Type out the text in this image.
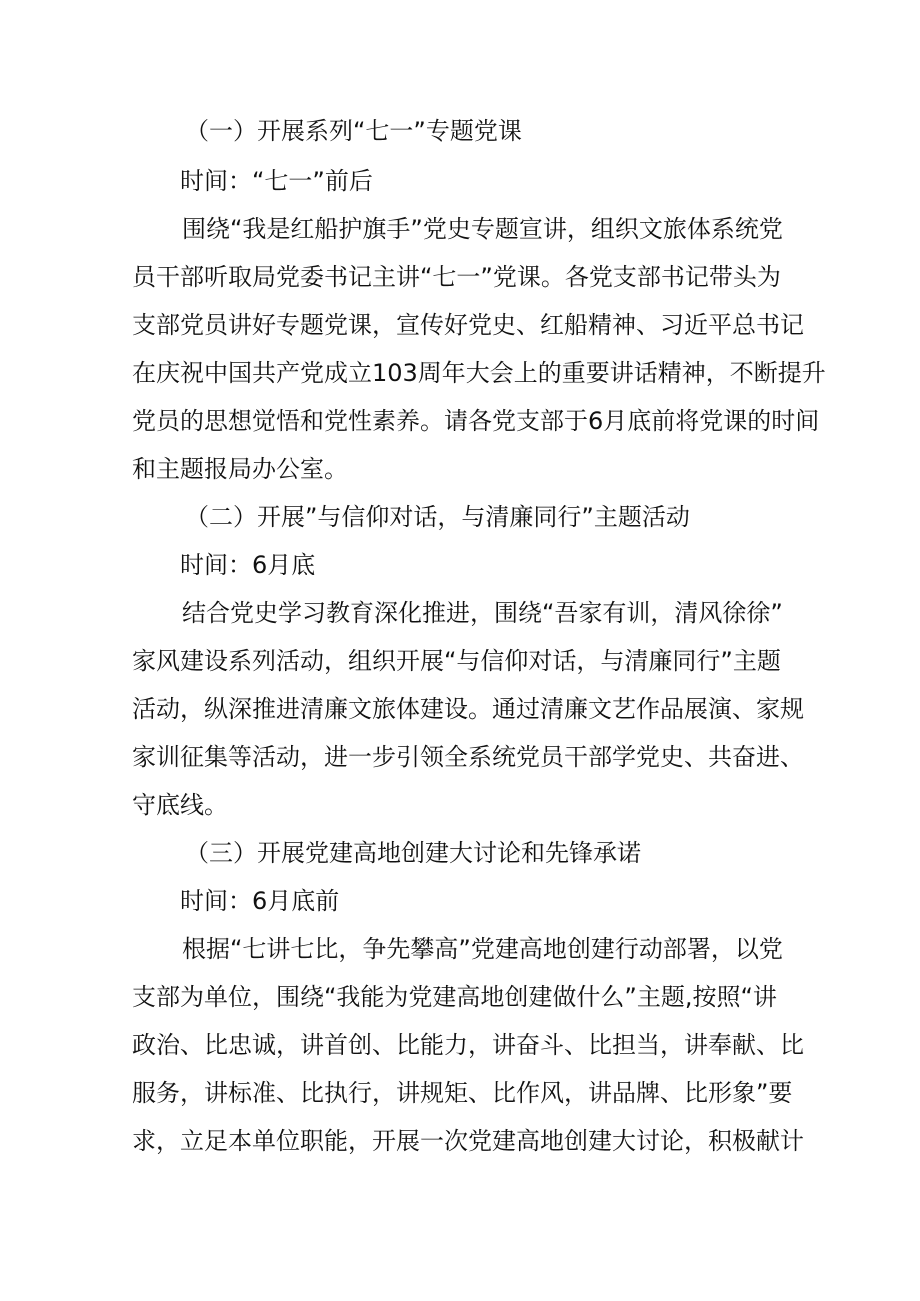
（一）开展系列“七一”专题党课
时间：“七一”前后
围绕“我是红船护旗手”党史专题宣讲，组织文旅体系统党
员干部听取局党委书记主讲“七一”党课。各党支部书记带头为
支部党员讲好专题党课，宣传好党史、红船精神、习近平总书记
在庆祝中国共产党成立103周年大会上的重要讲话精神，不断提升
党员的思想觉悟和党性素养。请各党支部于6月底前将党课的时间
和主题报局办公室。
（二）开展”与信仰对话，与清廉同行”主题活动
时间：6月底
结合党史学习教育深化推进，围绕“吾家有训，清风徐徐”
家风建设系列活动，组织开展“与信仰对话，与清廉同行”主题
活动，纵深推进清廉文旅体建设。通过清廉文艺作品展演、家规
家训征集等活动，进一步引领全系统党员干部学党史、共奋进、
守底线。
（三）开展党建高地创建大讨论和先锋承诺
时间：6月底前
根据“七讲七比，争先攀高”党建高地创建行动部署，以党
支部为单位，围绕“我能为党建高地创建做什么”主题,按照“讲
政治、比忠诚，讲首创、比能力，讲奋斗、比担当，讲奉献、比
服务，讲标准、比执行，讲规矩、比作风，讲品牌、比形象”要
求，立足本单位职能，开展一次党建高地创建大讨论，积极献计
